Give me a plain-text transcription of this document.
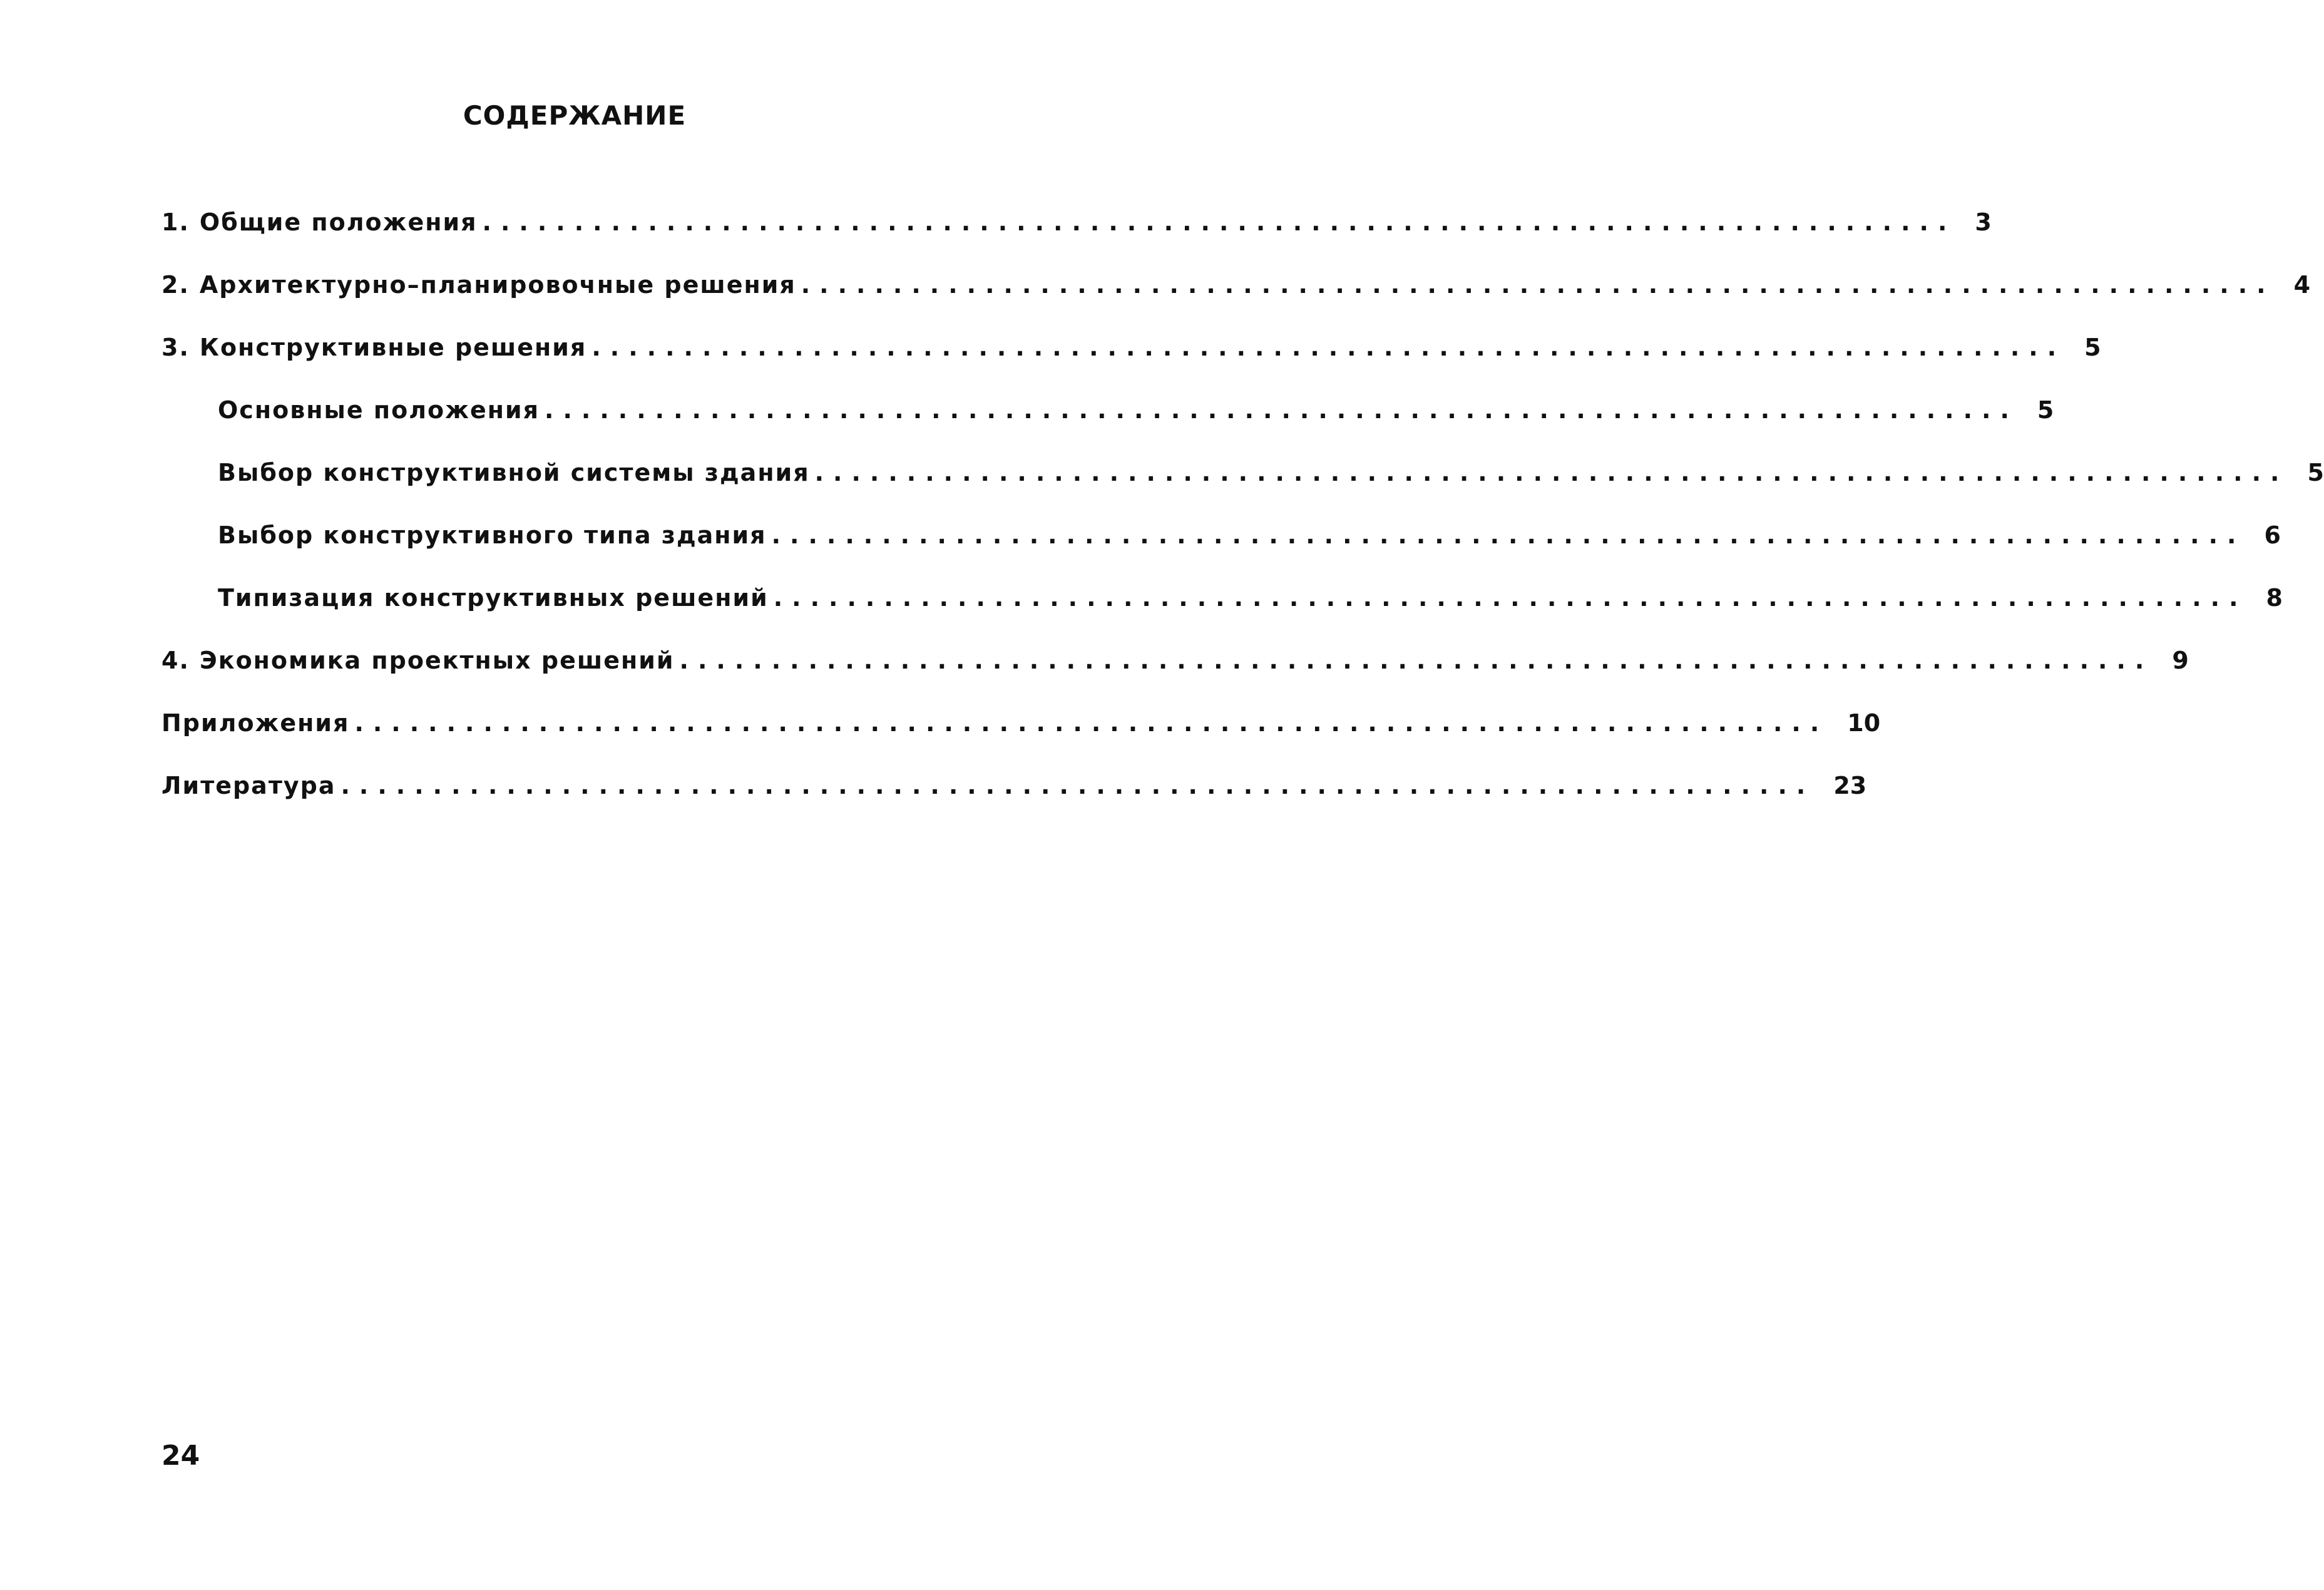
СОДЕРЖАНИЕ
1. Общие положения ................................................................................ 3
2. Архитектурно–планировочные решения ................................................................................ 4
3. Конструктивные решения ................................................................................ 5
Основные положения ................................................................................ 5
Выбор конструктивной системы здания ................................................................................ 5
Выбор конструктивного типа здания ................................................................................ 6
Типизация конструктивных решений ................................................................................ 8
4. Экономика проектных решений ................................................................................ 9
Приложения ................................................................................ 10
Литература ................................................................................ 23
24
